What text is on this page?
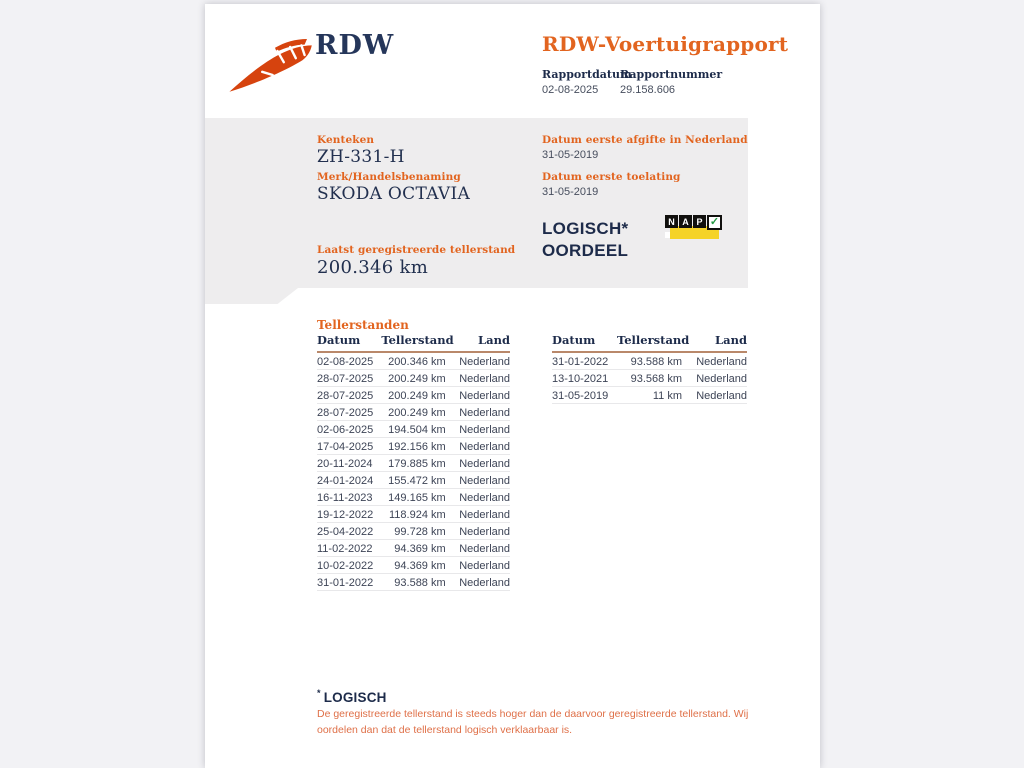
RDW	RDW-Voertuigrapport
Rapportdatum
Rapportnummer
02-08-2025 29.158.606
Kenteken
ZH-331-H
Merk/Handelsbenaming
SKODA OCTAVIA
Laatst geregistreerde tellerstand
200.346 km
Datum eerste afgifte in Nederland
31-05-2019
Datum eerste toelating
31-05-2019
LOGISCH*
OORDEEL
N A P ✓
Tellerstanden
Datum	Tellerstand	Land
02-08-2025	200.346 km	Nederland
28-07-2025	200.249 km	Nederland
28-07-2025	200.249 km	Nederland
28-07-2025	200.249 km	Nederland
02-06-2025	194.504 km	Nederland
17-04-2025	192.156 km	Nederland
20-11-2024	179.885 km	Nederland
24-01-2024	155.472 km	Nederland
16-11-2023	149.165 km	Nederland
19-12-2022	118.924 km	Nederland
25-04-2022	99.728 km	Nederland
11-02-2022	94.369 km	Nederland
10-02-2022	94.369 km	Nederland
31-01-2022	93.588 km	Nederland
Datum	Tellerstand	Land
31-01-2022	93.588 km	Nederland
13-10-2021	93.568 km	Nederland
31-05-2019	11 km	Nederland
* LOGISCH
De geregistreerde tellerstand is steeds hoger dan de daarvoor geregistreerde tellerstand. Wij oordelen dan dat de tellerstand logisch verklaarbaar is.
